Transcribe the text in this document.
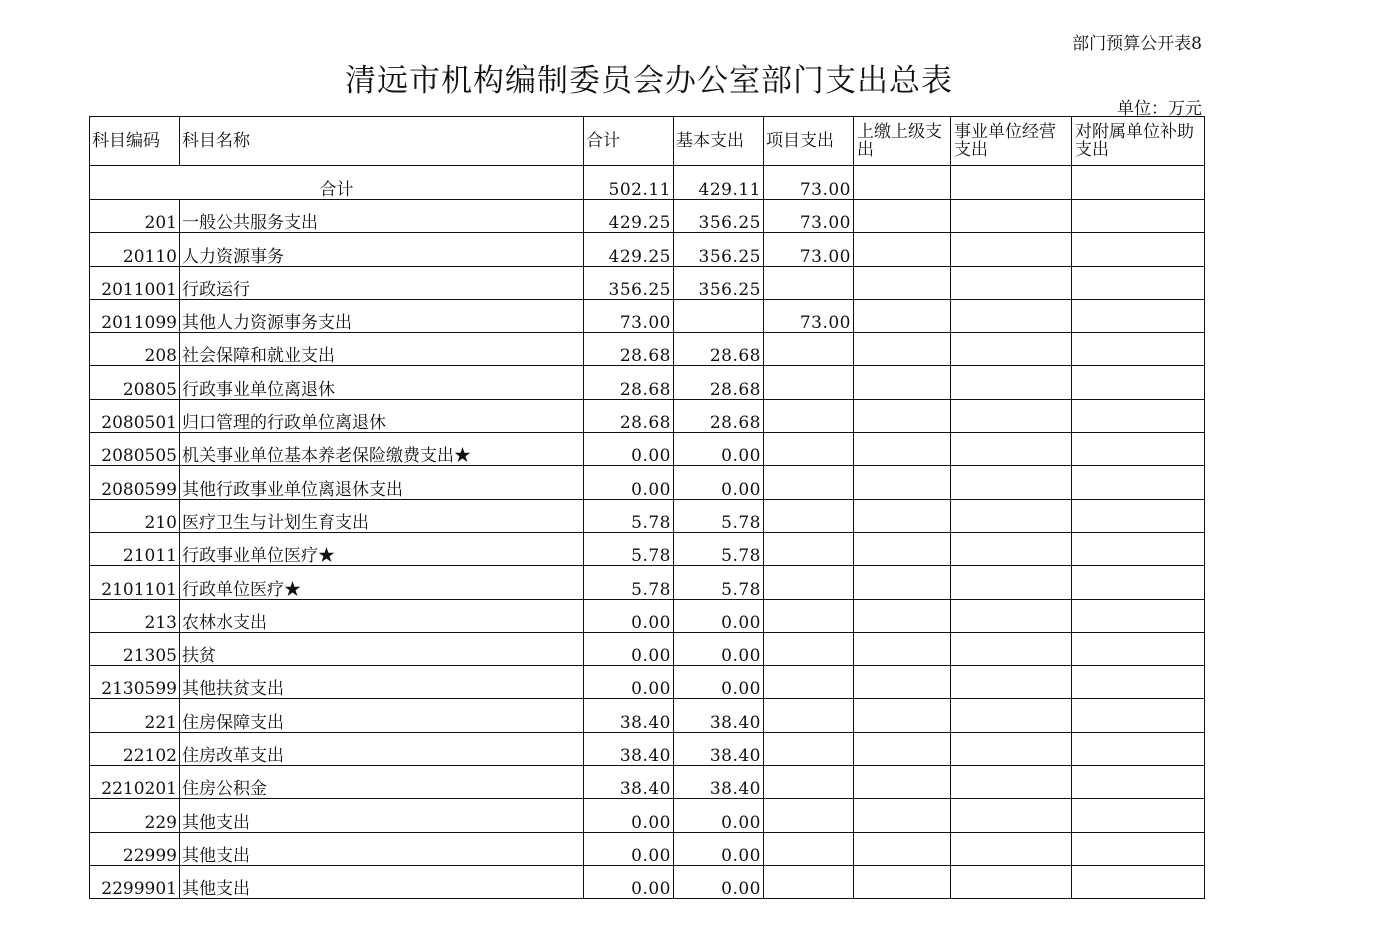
部门预算公开表8
清远市机构编制委员会办公室部门支出总表
单位：万元
科目编码	科目名称	合计	基本支出	项目支出	上缴上级支出	事业单位经营支出	对附属单位补助支出
合计		502.11	429.11	73.00			
201	一般公共服务支出	429.25	356.25	73.00			
20110	人力资源事务	429.25	356.25	73.00			
2011001	行政运行	356.25	356.25				
2011099	其他人力资源事务支出	73.00		73.00			
208	社会保障和就业支出	28.68	28.68				
20805	行政事业单位离退休	28.68	28.68				
2080501	归口管理的行政单位离退休	28.68	28.68				
2080505	机关事业单位基本养老保险缴费支出★	0.00	0.00				
2080599	其他行政事业单位离退休支出	0.00	0.00				
210	医疗卫生与计划生育支出	5.78	5.78				
21011	行政事业单位医疗★	5.78	5.78				
2101101	行政单位医疗★	5.78	5.78				
213	农林水支出	0.00	0.00				
21305	扶贫	0.00	0.00				
2130599	其他扶贫支出	0.00	0.00				
221	住房保障支出	38.40	38.40				
22102	住房改革支出	38.40	38.40				
2210201	住房公积金	38.40	38.40				
229	其他支出	0.00	0.00				
22999	其他支出	0.00	0.00				
2299901	其他支出	0.00	0.00				
